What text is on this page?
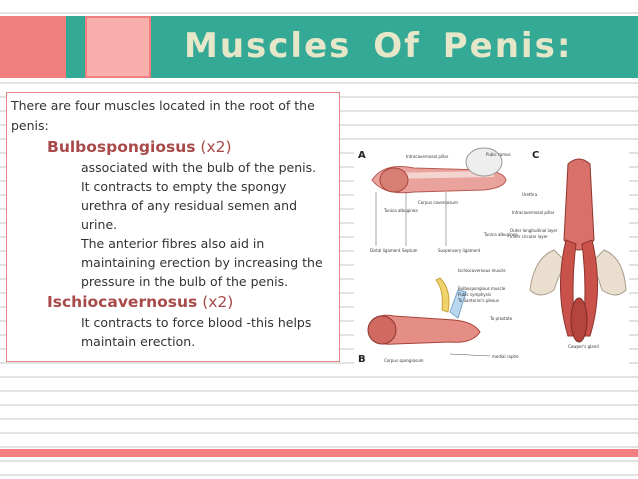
Muscles Of Penis:
There are four muscles located in the root of the penis:
Bulbospongiosus (x2)
associated with the bulb of the penis.
It contracts to empty the spongy
urethra of any residual semen and
urine.
The anterior fibres also aid in
maintaining erection by increasing the
pressure in the bulb of the penis.
Ischiocavernosus (x2)
It contracts to force blood -this helps
maintain erection.
A	Intracavernosal pillar	Pubic ramus
Corpus cavernosum
Tunica albuginea
Distal ligament Septum	Suspensory ligament
B	Corpus spongiosum
medial raphe
Ischiocavernous muscle
Bulbospongious muscle
Pubic symphysis
To Santorini's plexus
To prostate
C
Urethra
Intracavernosal pillar
Outer longitudinal layer
Inner circular layer
Tunica albuginea
Cowper's gland
